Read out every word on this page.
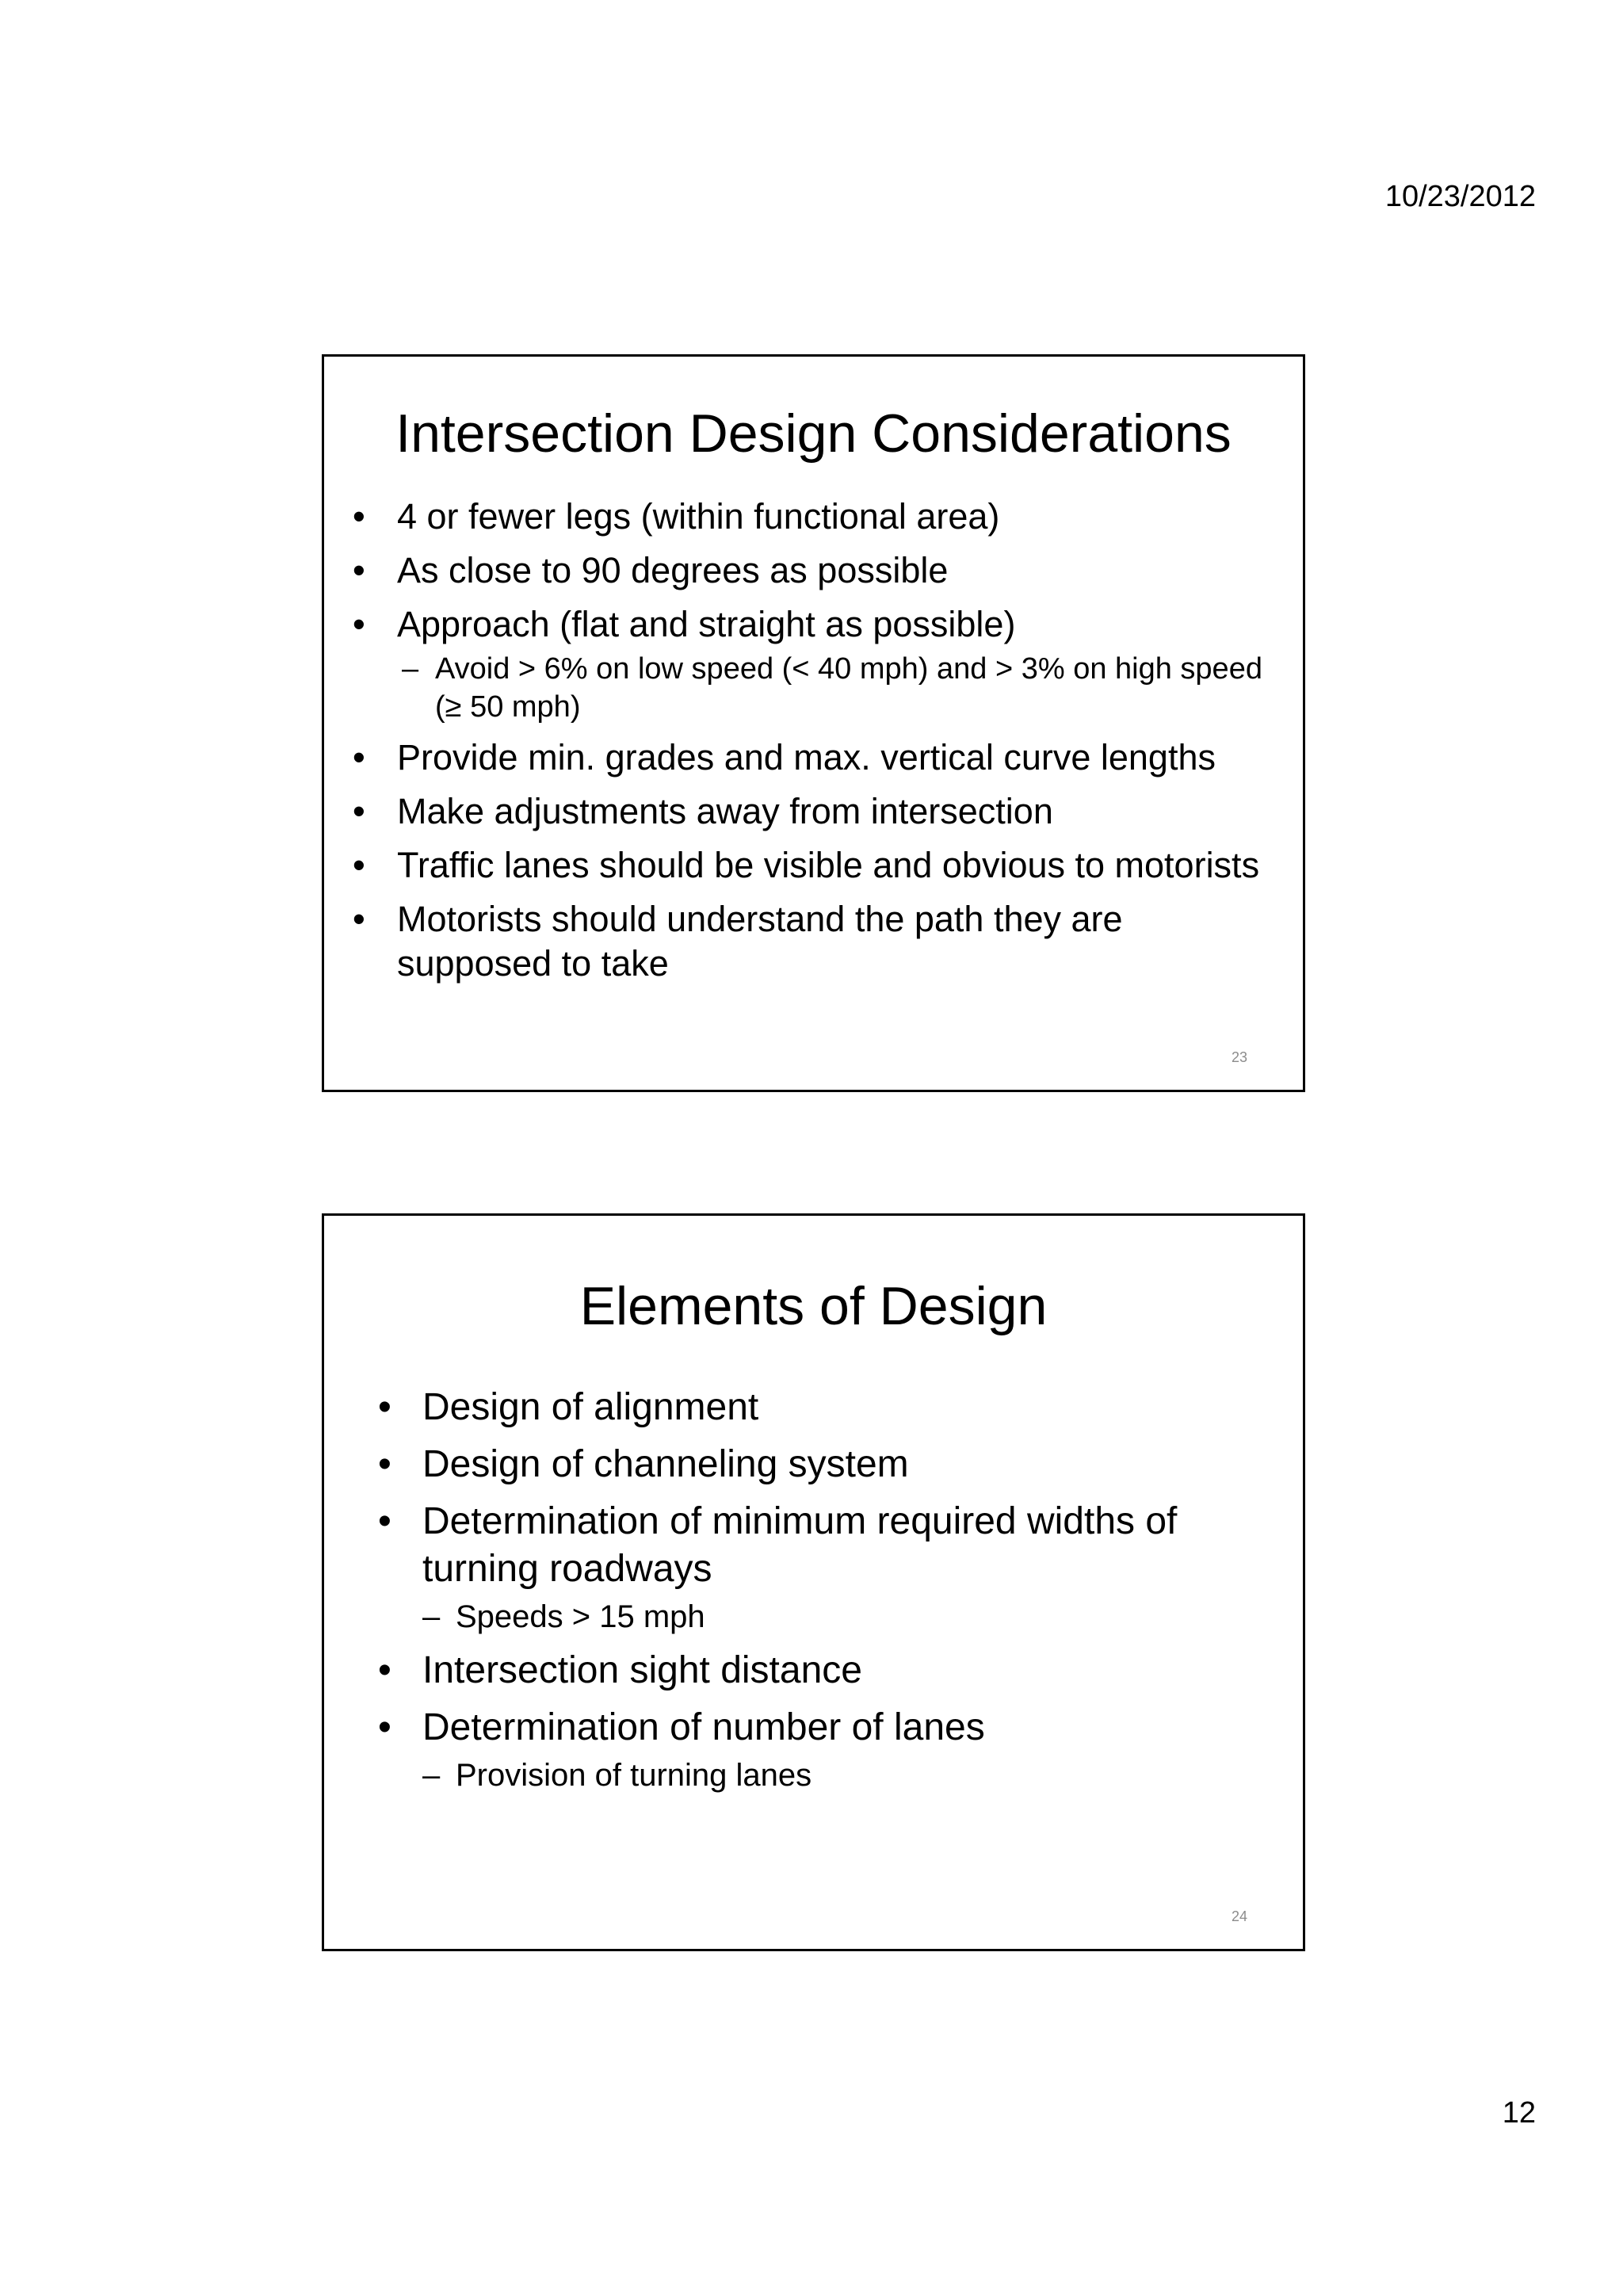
10/23/2012
Intersection Design Considerations
• 4 or fewer legs (within functional area)
• As close to 90 degrees as possible
• Approach (flat and straight as possible)
– Avoid > 6% on low speed (< 40 mph) and > 3% on high speed (≥ 50 mph)
• Provide min. grades and max. vertical curve lengths
• Make adjustments away from intersection
• Traffic lanes should be visible and obvious to motorists
• Motorists should understand the path they are supposed to take
23
Elements of Design
• Design of alignment
• Design of channeling system
• Determination of minimum required widths of turning roadways
– Speeds > 15 mph
• Intersection sight distance
• Determination of number of lanes
– Provision of turning lanes
24
12
